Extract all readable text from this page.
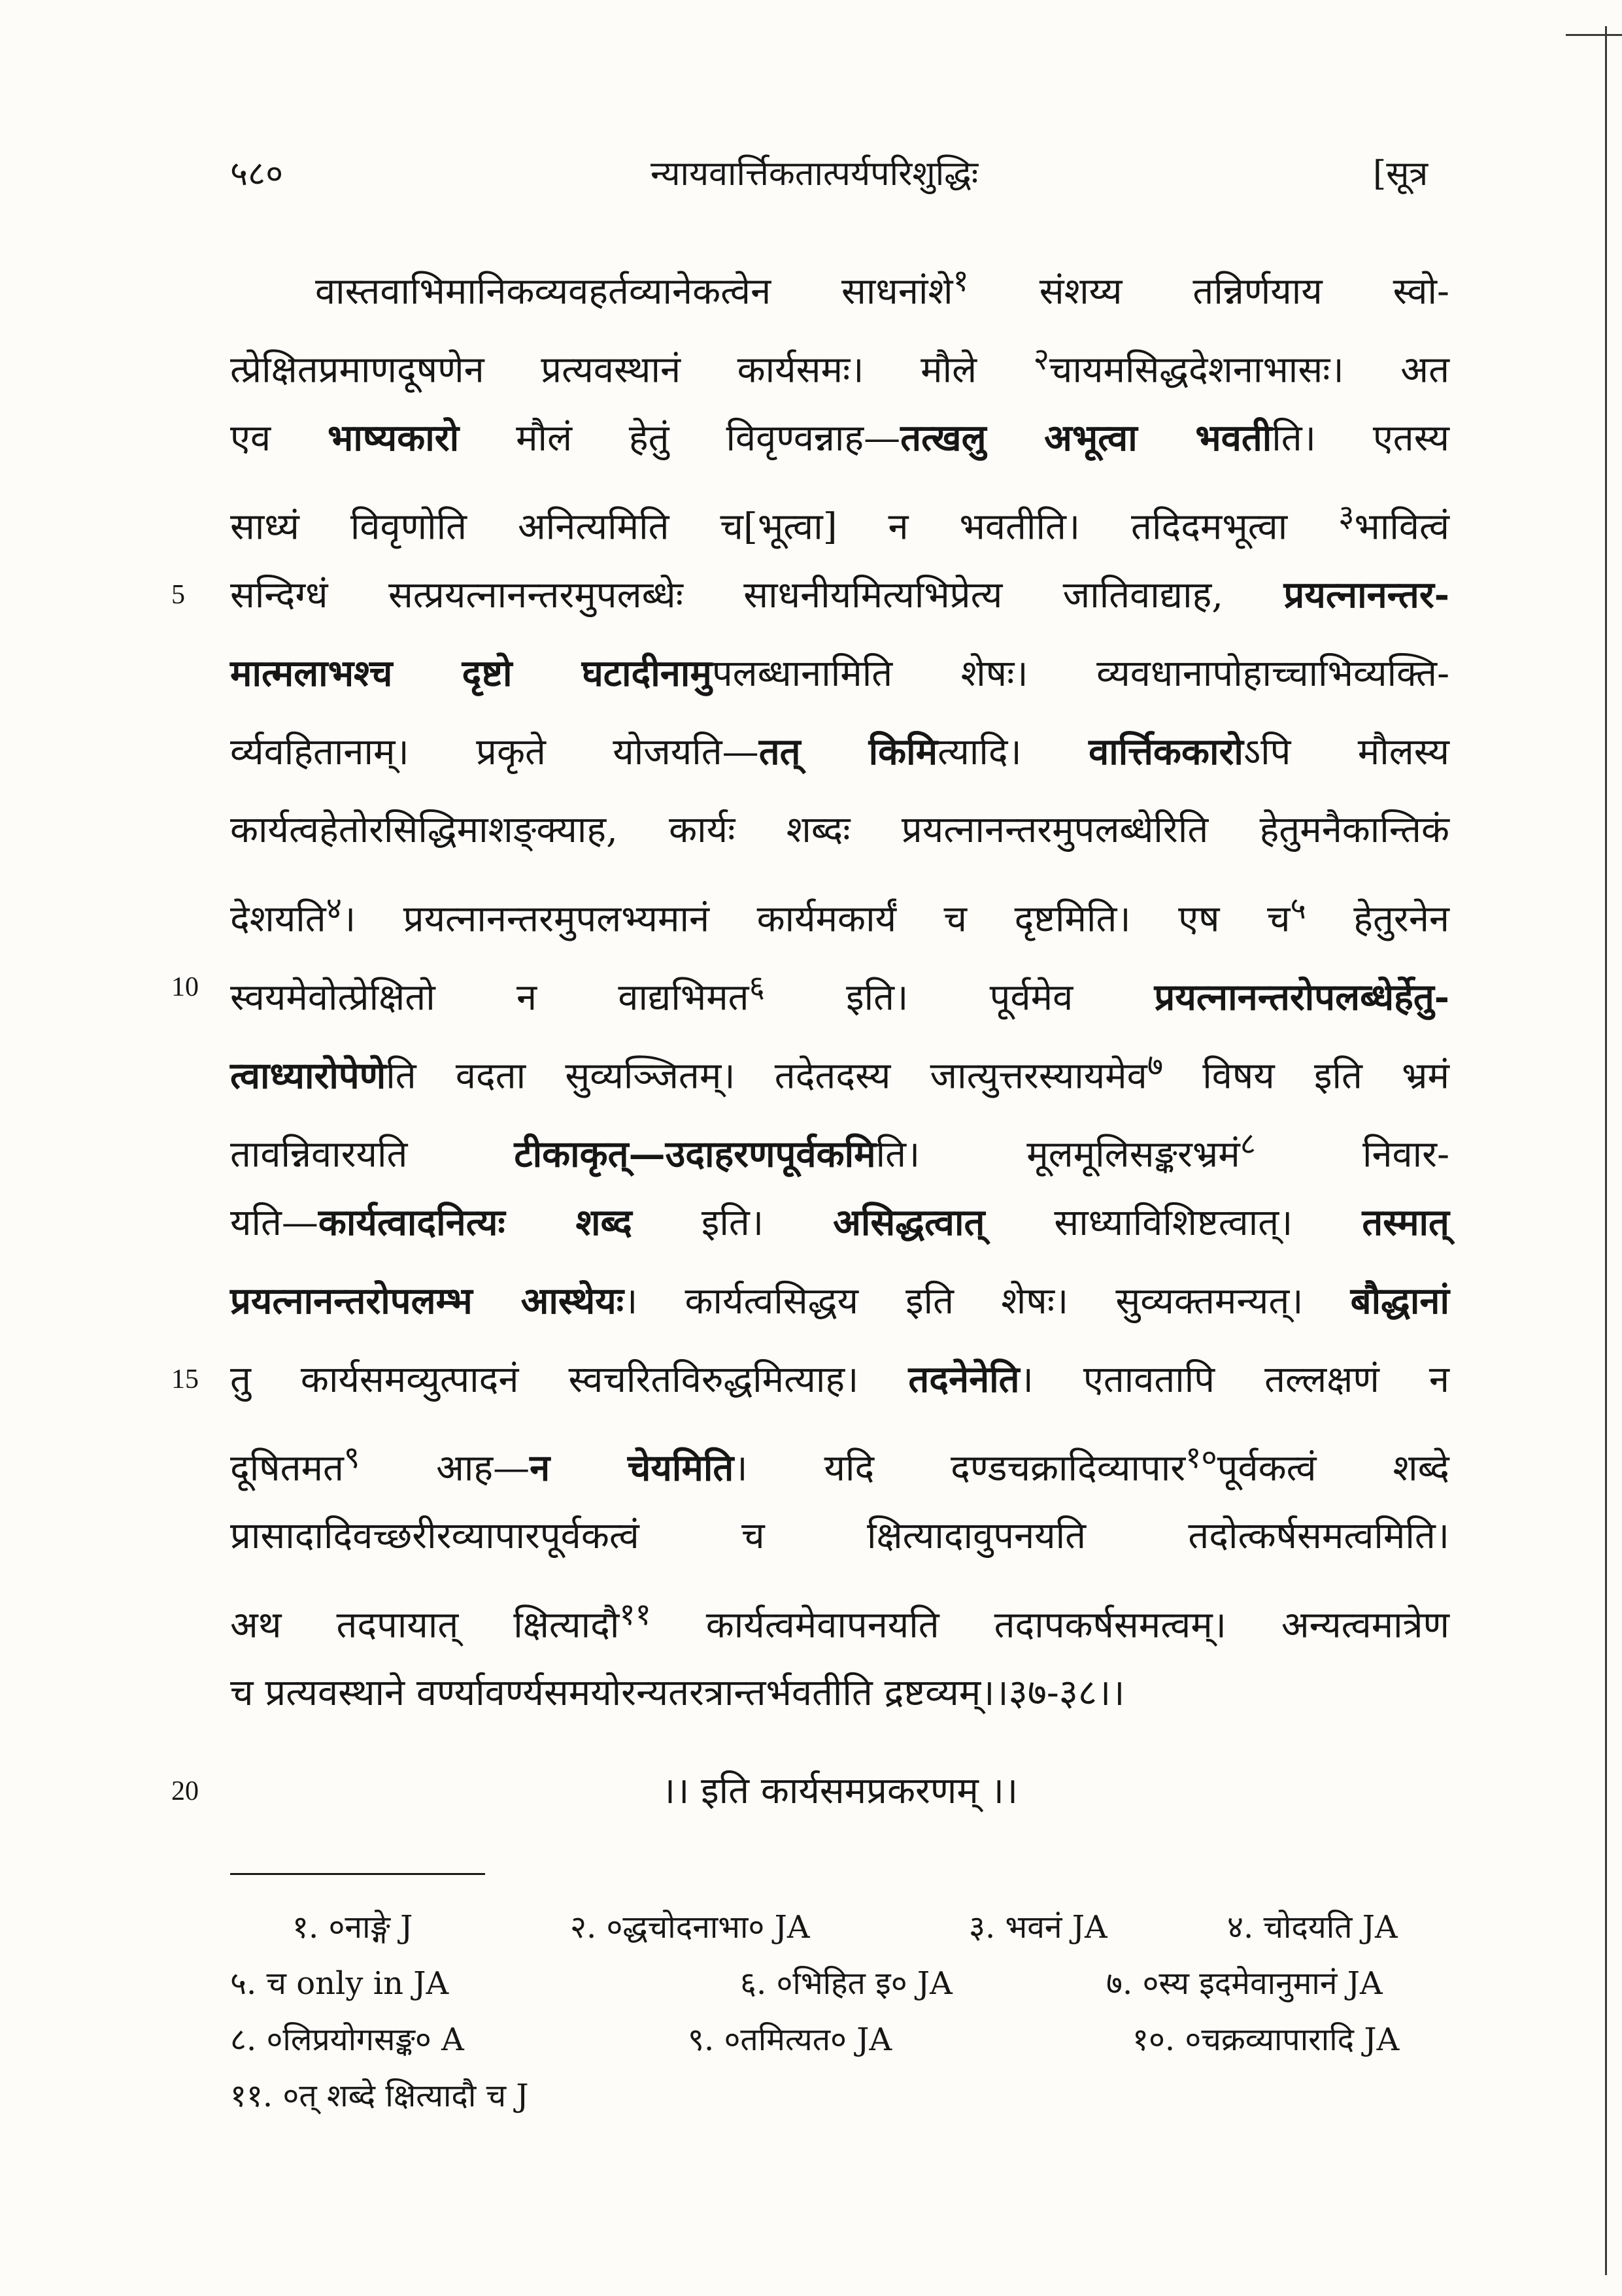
५८०	न्यायवार्त्तिकतात्पर्यपरिशुद्धिः	[सूत्र
वास्तवाभिमानिकव्यवहर्तव्यानेकत्वेन साधनांशे$^१$ संशय्य तन्निर्णयाय स्वो-
त्प्रेक्षितप्रमाणदूषणेन प्रत्यवस्थानं कार्यसमः। मौले $^२$चायमसिद्धदेशनाभासः। अत
एव भाष्यकारो मौलं हेतुं विवृण्वन्नाह—तत्खलु अभूत्वा भवतीति। एतस्य
साध्यं विवृणोति अनित्यमिति च[भूत्वा] न भवतीति। तदिदमभूत्वा $^३$भावित्वं
5	सन्दिग्धं सत्प्रयत्नानन्तरमुपलब्धेः साधनीयमित्यभिप्रेत्य जातिवाद्याह, प्रयत्नानन्तर-
मात्मलाभश्च दृष्टो घटादीनामुपलब्धानामिति शेषः। व्यवधानापोहाच्चाभिव्यक्ति-
र्व्यवहितानाम्। प्रकृते योजयति—तत् किमित्यादि। वार्त्तिककारोऽपि मौलस्य
कार्यत्वहेतोरसिद्धिमाशङ्क्याह, कार्यः शब्दः प्रयत्नानन्तरमुपलब्धेरिति हेतुमनैकान्तिकं
देशयति$^४$। प्रयत्नानन्तरमुपलभ्यमानं कार्यमकार्यं च दृष्टमिति। एष च$^५$ हेतुरनेन
10 स्वयमेवोत्प्रेक्षितो न वाद्यभिमत$^६$ इति। पूर्वमेव प्रयत्नानन्तरोपलब्धेर्हेतु-
त्वाध्यारोपेणेति वदता सुव्यञ्जितम्। तदेतदस्य जात्युत्तरस्यायमेव$^७$ विषय इति भ्रमं
तावन्निवारयति टीकाकृत्—उदाहरणपूर्वकमिति। मूलमूलिसङ्करभ्रमं$^८$ निवार-
यति—कार्यत्वादनित्यः शब्द इति। असिद्धत्वात् साध्याविशिष्टत्वात्। तस्मात्
प्रयत्नानन्तरोपलम्भ आस्थेयः। कार्यत्वसिद्धय इति शेषः। सुव्यक्तमन्यत्। बौद्धानां
15 तु कार्यसमव्युत्पादनं स्वचरितविरुद्धमित्याह। तदनेनेति। एतावतापि तल्लक्षणं न
दूषितमत$^९$ आह—न चेयमिति। यदि दण्डचक्रादिव्यापार$^{१०}$पूर्वकत्वं शब्दे
प्रासादादिवच्छरीरव्यापारपूर्वकत्वं च क्षित्यादावुपनयति तदोत्कर्षसमत्वमिति।
अथ तदपायात् क्षित्यादौ$^{११}$ कार्यत्वमेवापनयति तदापकर्षसमत्वम्। अन्यत्वमात्रेण
च प्रत्यवस्थाने वर्ण्यावर्ण्यसमयोरन्यतरत्रान्तर्भवतीति द्रष्टव्यम्।।३७-३८।।
20	।। इति कार्यसमप्रकरणम् ।।
१. ०नाङ्गे J	२. ०द्धचोदनाभा० JA	३. भवनं JA	४. चोदयति JA
५. च only in JA	६. ०भिहित इ० JA	७. ०स्य इदमेवानुमानं JA
८. ०लिप्रयोगसङ्क० A	९. ०तमित्यत० JA	१०. ०चक्रव्यापारादि JA
११. ०त् शब्दे क्षित्यादौ च J
